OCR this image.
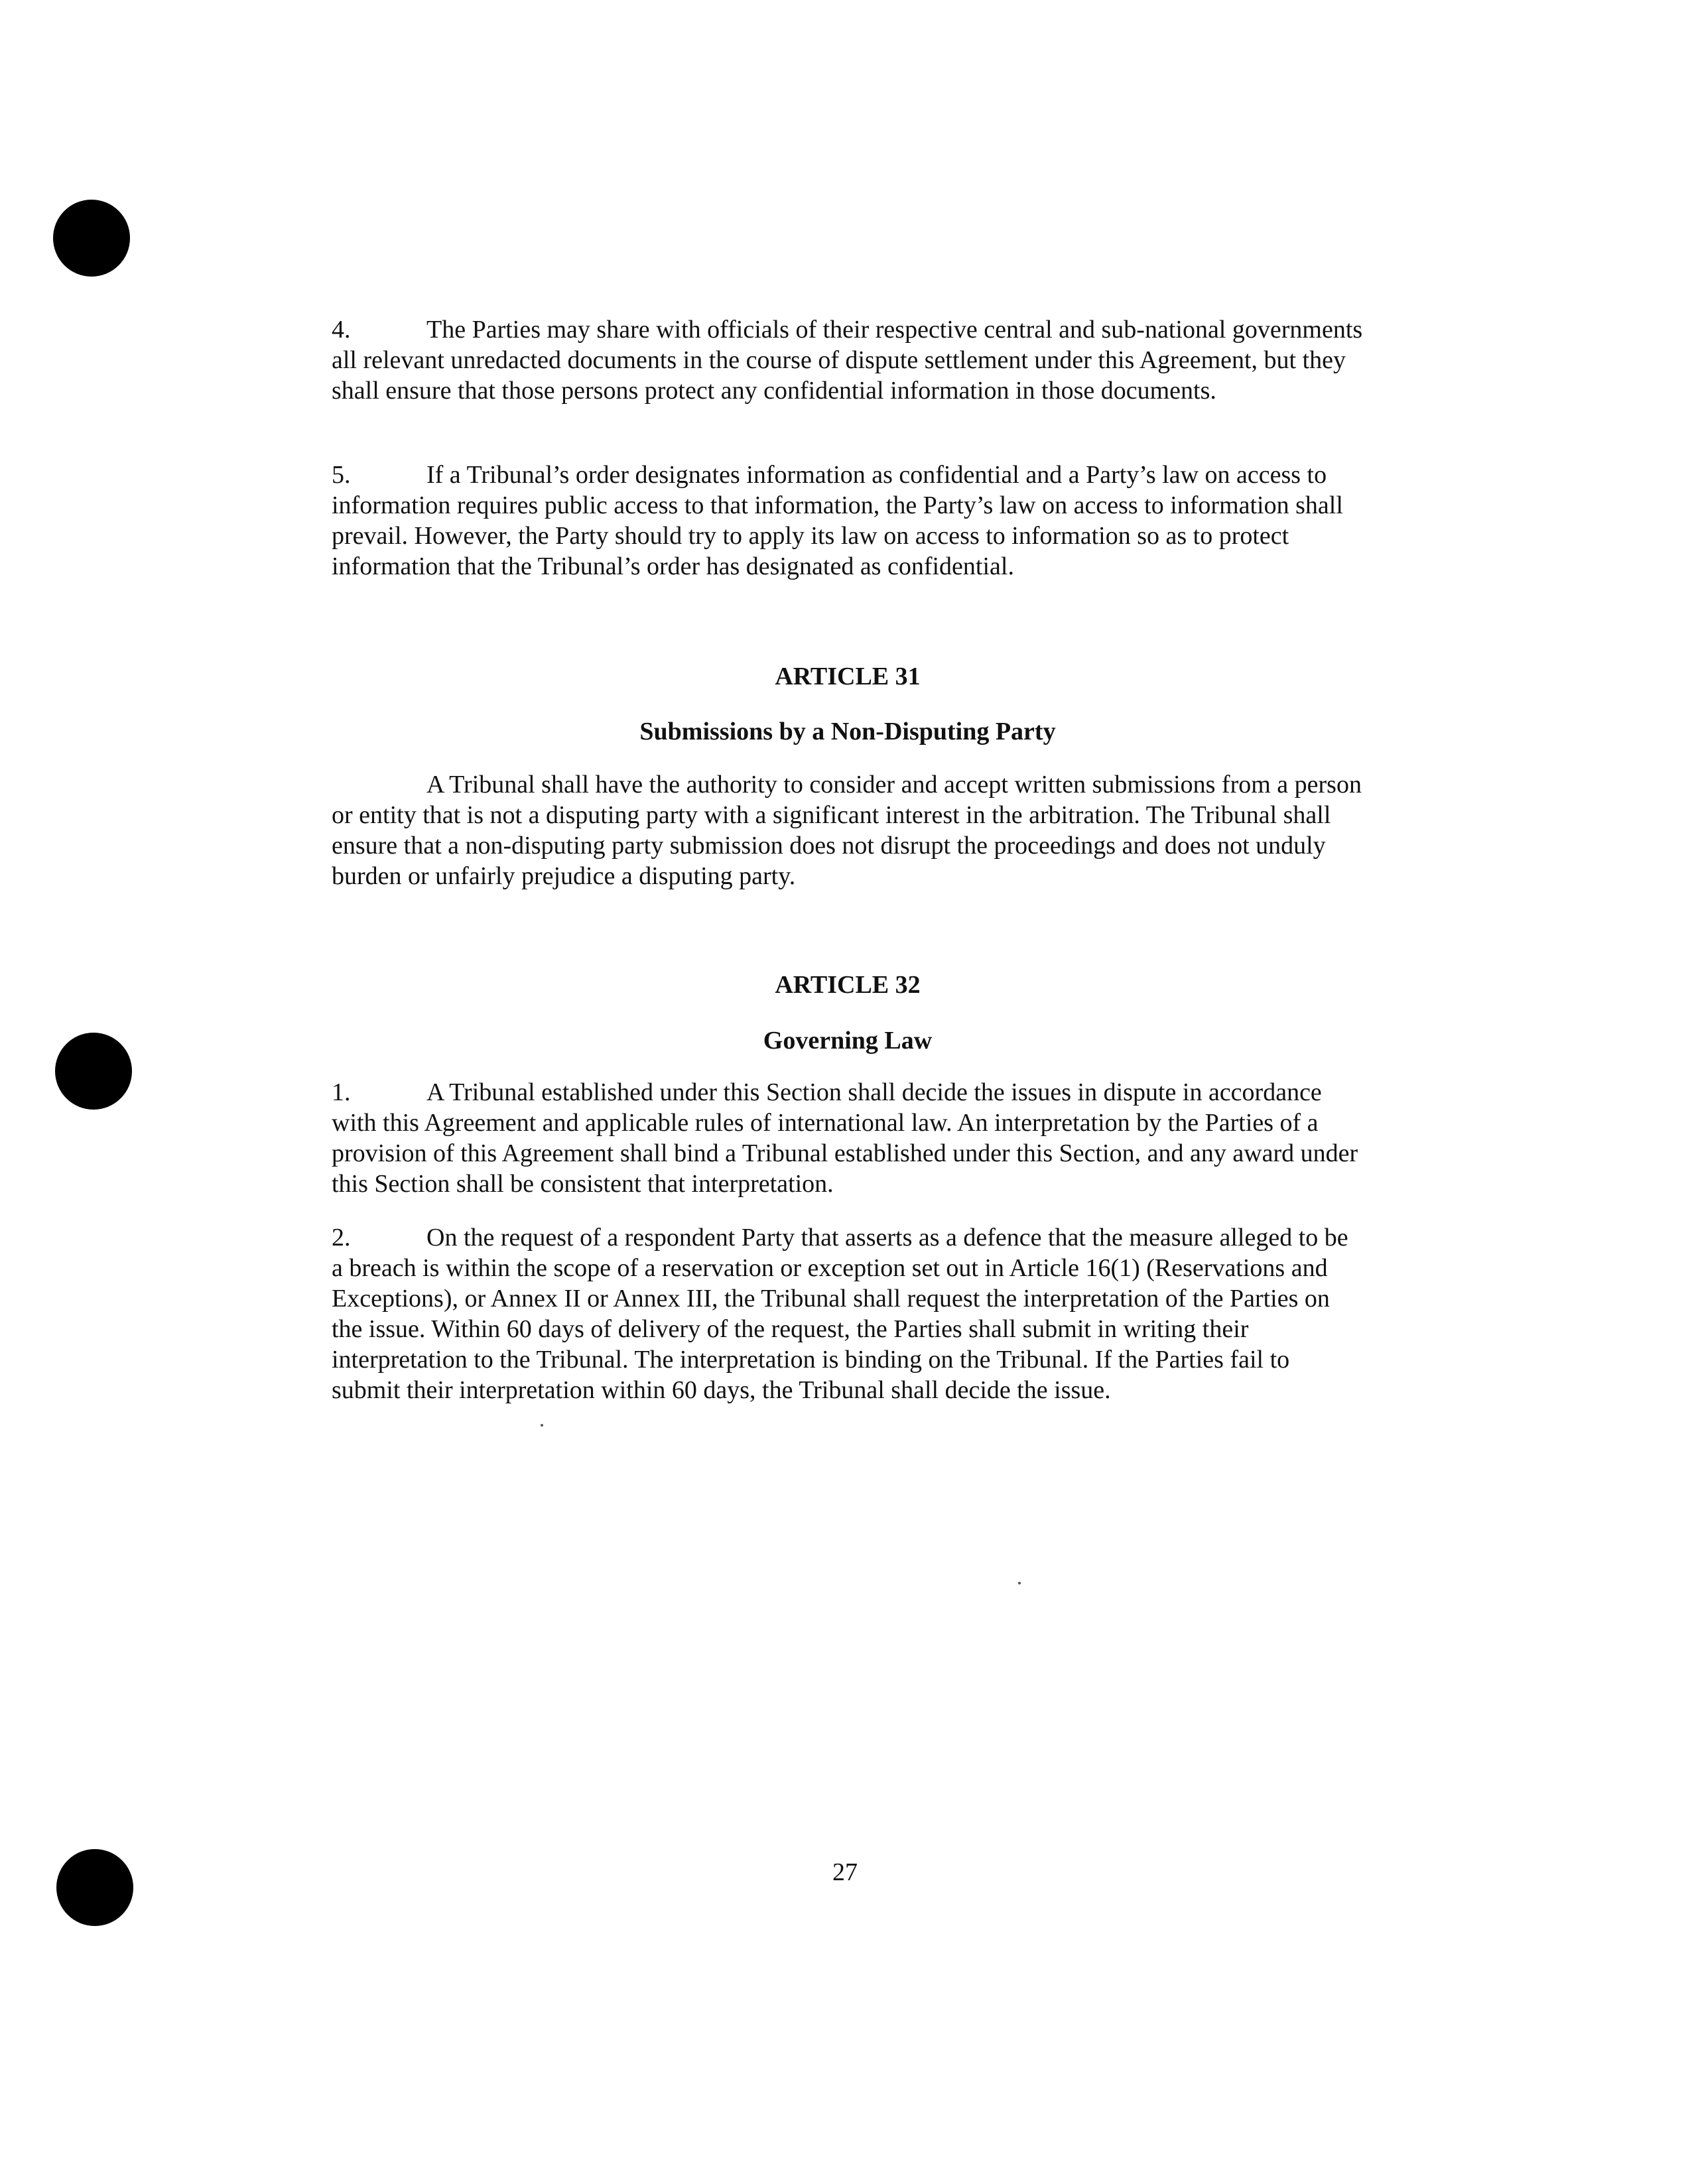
4.	The Parties may share with officials of their respective central and sub-national governments all relevant unredacted documents in the course of dispute settlement under this Agreement, but they shall ensure that those persons protect any confidential information in those documents.

5.	If a Tribunal’s order designates information as confidential and a Party’s law on access to information requires public access to that information, the Party’s law on access to information shall prevail. However, the Party should try to apply its law on access to information so as to protect information that the Tribunal’s order has designated as confidential.

ARTICLE 31
Submissions by a Non-Disputing Party

A Tribunal shall have the authority to consider and accept written submissions from a person or entity that is not a disputing party with a significant interest in the arbitration. The Tribunal shall ensure that a non-disputing party submission does not disrupt the proceedings and does not unduly burden or unfairly prejudice a disputing party.

ARTICLE 32
Governing Law

1.	A Tribunal established under this Section shall decide the issues in dispute in accordance with this Agreement and applicable rules of international law. An interpretation by the Parties of a provision of this Agreement shall bind a Tribunal established under this Section, and any award under this Section shall be consistent that interpretation.

2.	On the request of a respondent Party that asserts as a defence that the measure alleged to be a breach is within the scope of a reservation or exception set out in Article 16(1) (Reservations and Exceptions), or Annex II or Annex III, the Tribunal shall request the interpretation of the Parties on the issue. Within 60 days of delivery of the request, the Parties shall submit in writing their interpretation to the Tribunal. The interpretation is binding on the Tribunal. If the Parties fail to submit their interpretation within 60 days, the Tribunal shall decide the issue.

27
